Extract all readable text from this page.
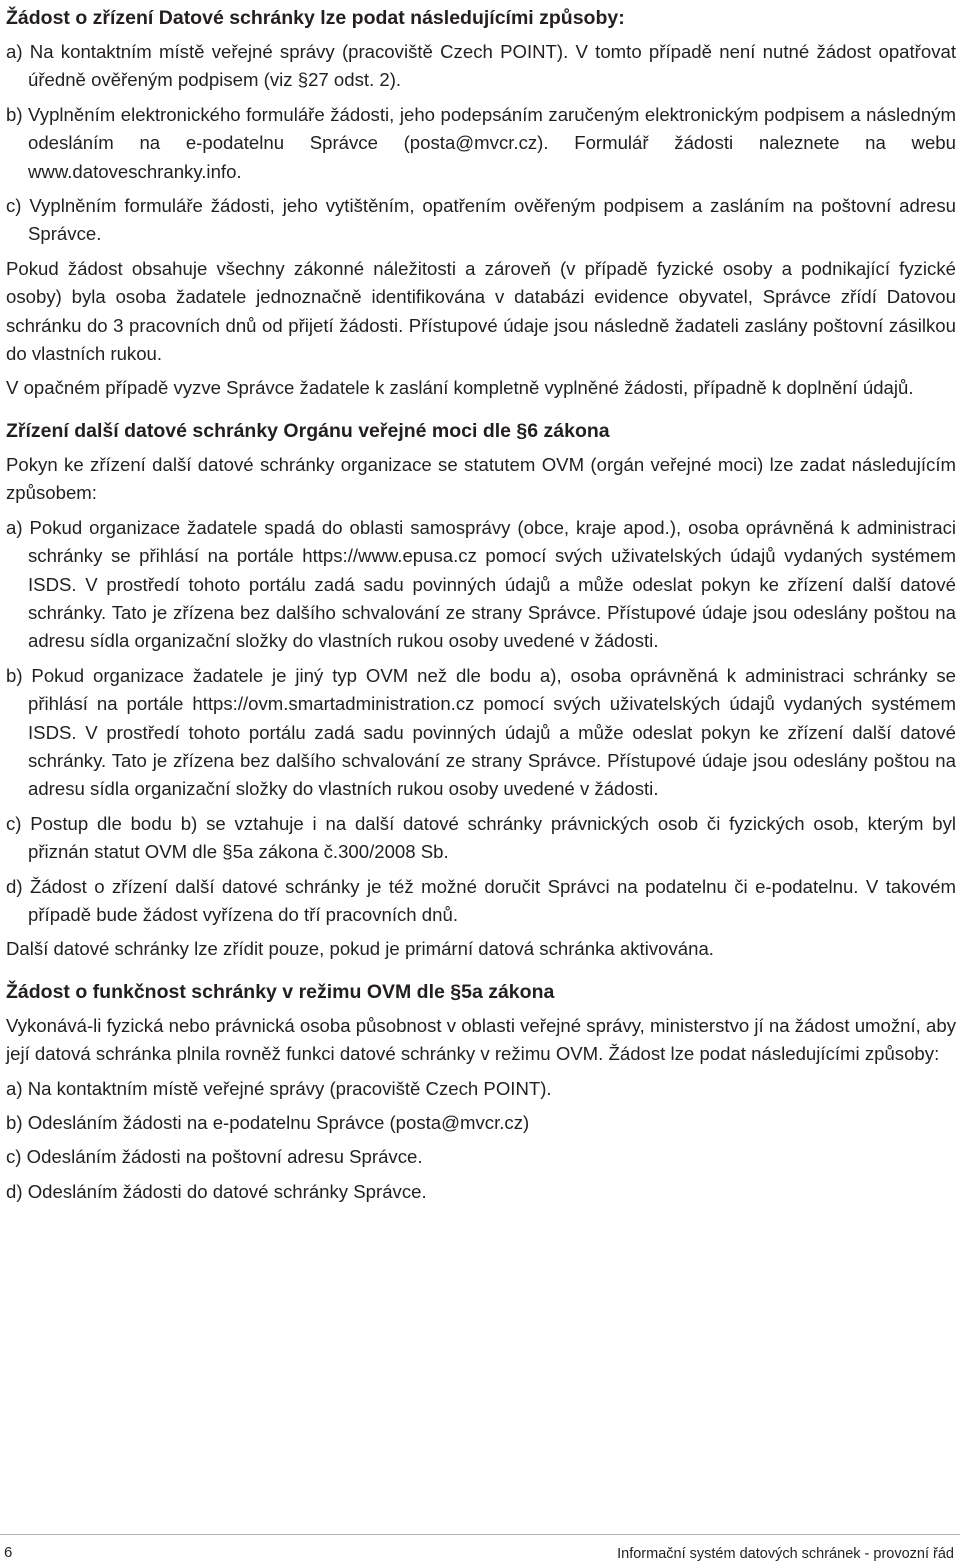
Žádost o zřízení Datové schránky lze podat následujícími způsoby:
a) Na kontaktním místě veřejné správy (pracoviště Czech POINT). V tomto případě není nutné žádost opatřovat úředně ověřeným podpisem (viz §27 odst. 2).
b) Vyplněním elektronického formuláře žádosti, jeho podepsáním zaručeným elektronickým podpisem a následným odesláním na e-podatelnu Správce (posta@mvcr.cz). Formulář žádosti naleznete na webu www.datoveschranky.info.
c) Vyplněním formuláře žádosti, jeho vytištěním, opatřením ověřeným podpisem a zasláním na poštovní adresu Správce.
Pokud žádost obsahuje všechny zákonné náležitosti a zároveň (v případě fyzické osoby a podnikající fyzické osoby) byla osoba žadatele jednoznačně identifikována v databázi evidence obyvatel, Správce zřídí Datovou schránku do 3 pracovních dnů od přijetí žádosti. Přístupové údaje jsou následně žadateli zaslány poštovní zásilkou do vlastních rukou.
V opačném případě vyzve Správce žadatele k zaslání kompletně vyplněné žádosti, případně k doplnění údajů.
Zřízení další datové schránky Orgánu veřejné moci dle §6 zákona
Pokyn ke zřízení další datové schránky organizace se statutem OVM (orgán veřejné moci) lze zadat následujícím způsobem:
a) Pokud organizace žadatele spadá do oblasti samosprávy (obce, kraje apod.), osoba oprávněná k administraci schránky se přihlásí na portále https://www.epusa.cz pomocí svých uživatelských údajů vydaných systémem ISDS. V prostředí tohoto portálu zadá sadu povinných údajů a může odeslat pokyn ke zřízení další datové schránky. Tato je zřízena bez dalšího schvalování ze strany Správce. Přístupové údaje jsou odeslány poštou na adresu sídla organizační složky do vlastních rukou osoby uvedené v žádosti.
b) Pokud organizace žadatele je jiný typ OVM než dle bodu a), osoba oprávněná k administraci schránky se přihlásí na portále https://ovm.smartadministration.cz pomocí svých uživatelských údajů vydaných systémem ISDS. V prostředí tohoto portálu zadá sadu povinných údajů a může odeslat pokyn ke zřízení další datové schránky. Tato je zřízena bez dalšího schvalování ze strany Správce. Přístupové údaje jsou odeslány poštou na adresu sídla organizační složky do vlastních rukou osoby uvedené v žádosti.
c) Postup dle bodu b) se vztahuje i na další datové schránky právnických osob či fyzických osob, kterým byl přiznán statut OVM dle §5a zákona č.300/2008 Sb.
d) Žádost o zřízení další datové schránky je též možné doručit Správci na podatelnu či e-podatelnu. V takovém případě bude žádost vyřízena do tří pracovních dnů.
Další datové schránky lze zřídit pouze, pokud je primární datová schránka aktivována.
Žádost o funkčnost schránky v režimu OVM dle §5a zákona
Vykonává-li fyzická nebo právnická osoba působnost v oblasti veřejné správy, ministerstvo jí na žádost umožní, aby její datová schránka plnila rovněž funkci datové schránky v režimu OVM. Žádost lze podat následujícími způsoby:
a) Na kontaktním místě veřejné správy (pracoviště Czech POINT).
b) Odesláním žádosti na e-podatelnu Správce (posta@mvcr.cz)
c) Odesláním žádosti na poštovní adresu Správce.
d) Odesláním žádosti do datové schránky Správce.
6	Informační systém datových schránek - provozní řád
